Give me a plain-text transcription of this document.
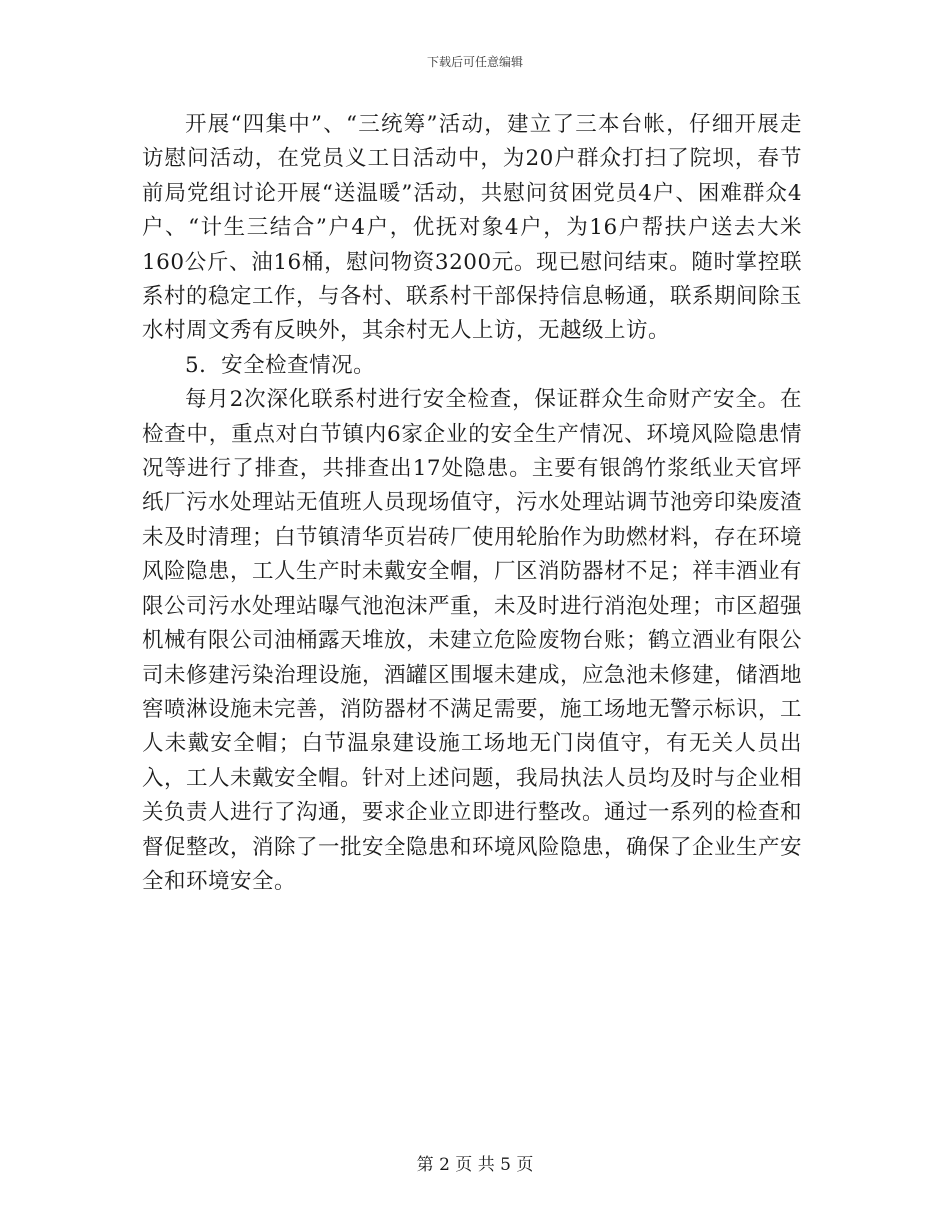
下载后可任意编辑

开展“四集中”、“三统筹”活动，建立了三本台帐，仔细开展走访慰问活动，在党员义工日活动中，为20户群众打扫了院坝，春节前局党组讨论开展“送温暖”活动，共慰问贫困党员4户、困难群众4户、“计生三结合”户4户，优抚对象4户，为16户帮扶户送去大米160公斤、油16桶，慰问物资3200元。现已慰问结束。随时掌控联系村的稳定工作，与各村、联系村干部保持信息畅通，联系期间除玉水村周文秀有反映外，其余村无人上访，无越级上访。

5．安全检查情况。

每月2次深化联系村进行安全检查，保证群众生命财产安全。在检查中，重点对白节镇内6家企业的安全生产情况、环境风险隐患情况等进行了排查，共排查出17处隐患。主要有银鸽竹浆纸业天官坪纸厂污水处理站无值班人员现场值守，污水处理站调节池旁印染废渣未及时清理；白节镇清华页岩砖厂使用轮胎作为助燃材料，存在环境风险隐患，工人生产时未戴安全帽，厂区消防器材不足；祥丰酒业有限公司污水处理站曝气池泡沫严重，未及时进行消泡处理；市区超强机械有限公司油桶露天堆放，未建立危险废物台账；鹤立酒业有限公司未修建污染治理设施，酒罐区围堰未建成，应急池未修建，储酒地窖喷淋设施未完善，消防器材不满足需要，施工场地无警示标识，工人未戴安全帽；白节温泉建设施工场地无门岗值守，有无关人员出入，工人未戴安全帽。针对上述问题，我局执法人员均及时与企业相关负责人进行了沟通，要求企业立即进行整改。通过一系列的检查和督促整改，消除了一批安全隐患和环境风险隐患，确保了企业生产安全和环境安全。

第 2 页 共 5 页
